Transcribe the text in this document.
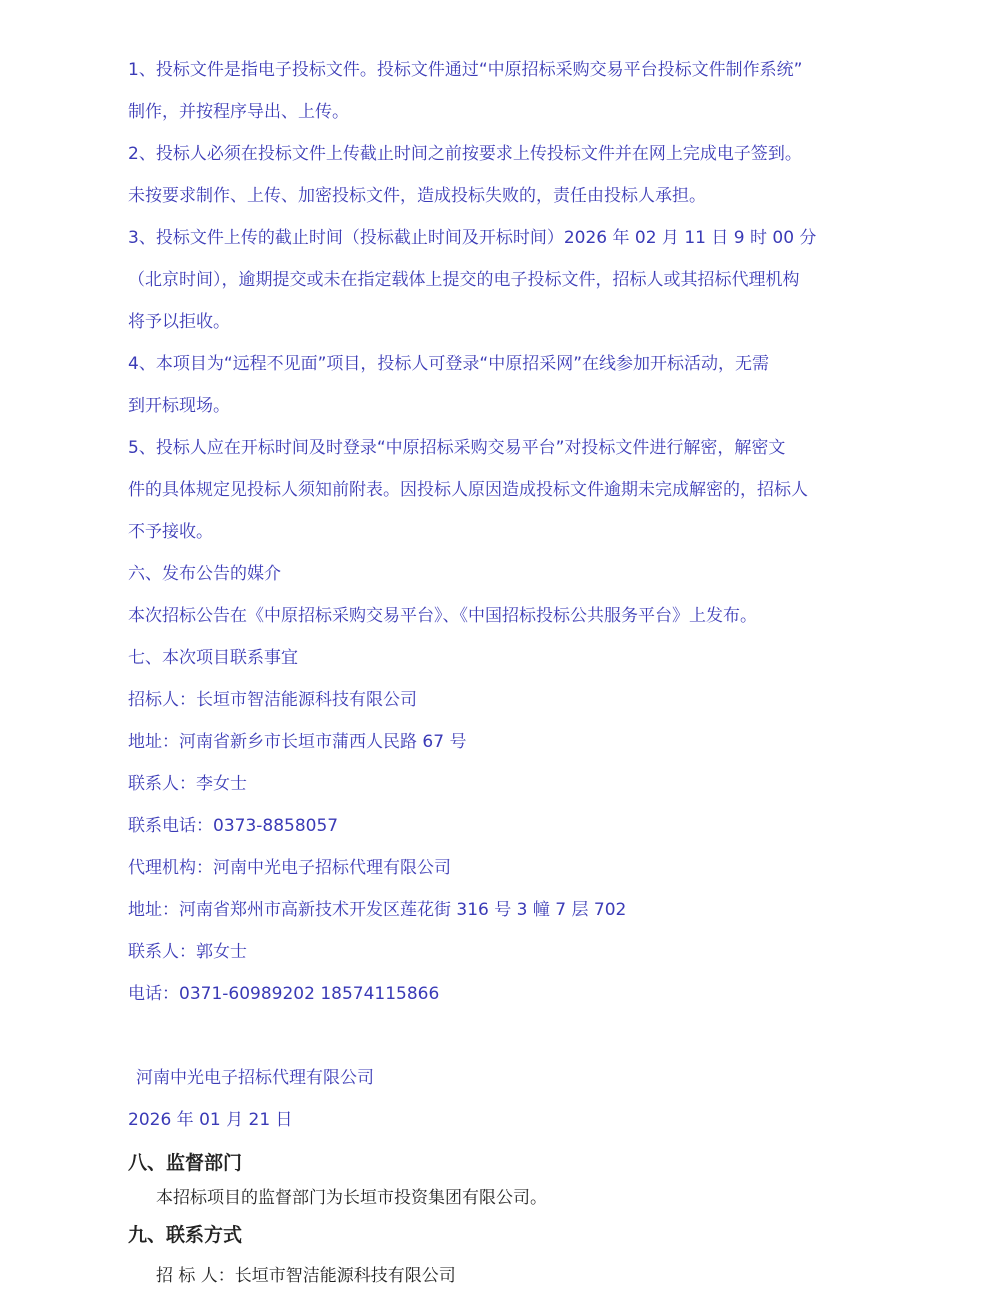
1、投标文件是指电子投标文件。投标文件通过“中原招标采购交易平台投标文件制作系统”
制作，并按程序导出、上传。
2、投标人必须在投标文件上传截止时间之前按要求上传投标文件并在网上完成电子签到。
未按要求制作、上传、加密投标文件，造成投标失败的，责任由投标人承担。
3、投标文件上传的截止时间（投标截止时间及开标时间）2026 年 02 月 11 日 9 时 00 分
（北京时间），逾期提交或未在指定载体上提交的电子投标文件，招标人或其招标代理机构
将予以拒收。
4、本项目为“远程不见面”项目，投标人可登录“中原招采网”在线参加开标活动，无需
到开标现场。
5、投标人应在开标时间及时登录“中原招标采购交易平台”对投标文件进行解密，解密文
件的具体规定见投标人须知前附表。因投标人原因造成投标文件逾期未完成解密的，招标人
不予接收。
六、发布公告的媒介
本次招标公告在《中原招标采购交易平台》、《中国招标投标公共服务平台》上发布。
七、本次项目联系事宜
招标人：长垣市智洁能源科技有限公司
地址：河南省新乡市长垣市蒲西人民路 67 号
联系人：李女士
联系电话：0373-8858057
代理机构：河南中光电子招标代理有限公司
地址：河南省郑州市高新技术开发区莲花街 316 号 3 幢 7 层 702
联系人：郭女士
电话：0371-60989202 18574115866
河南中光电子招标代理有限公司
2026 年 01 月 21 日
八、监督部门
本招标项目的监督部门为长垣市投资集团有限公司。
九、联系方式
招 标 人：长垣市智洁能源科技有限公司
